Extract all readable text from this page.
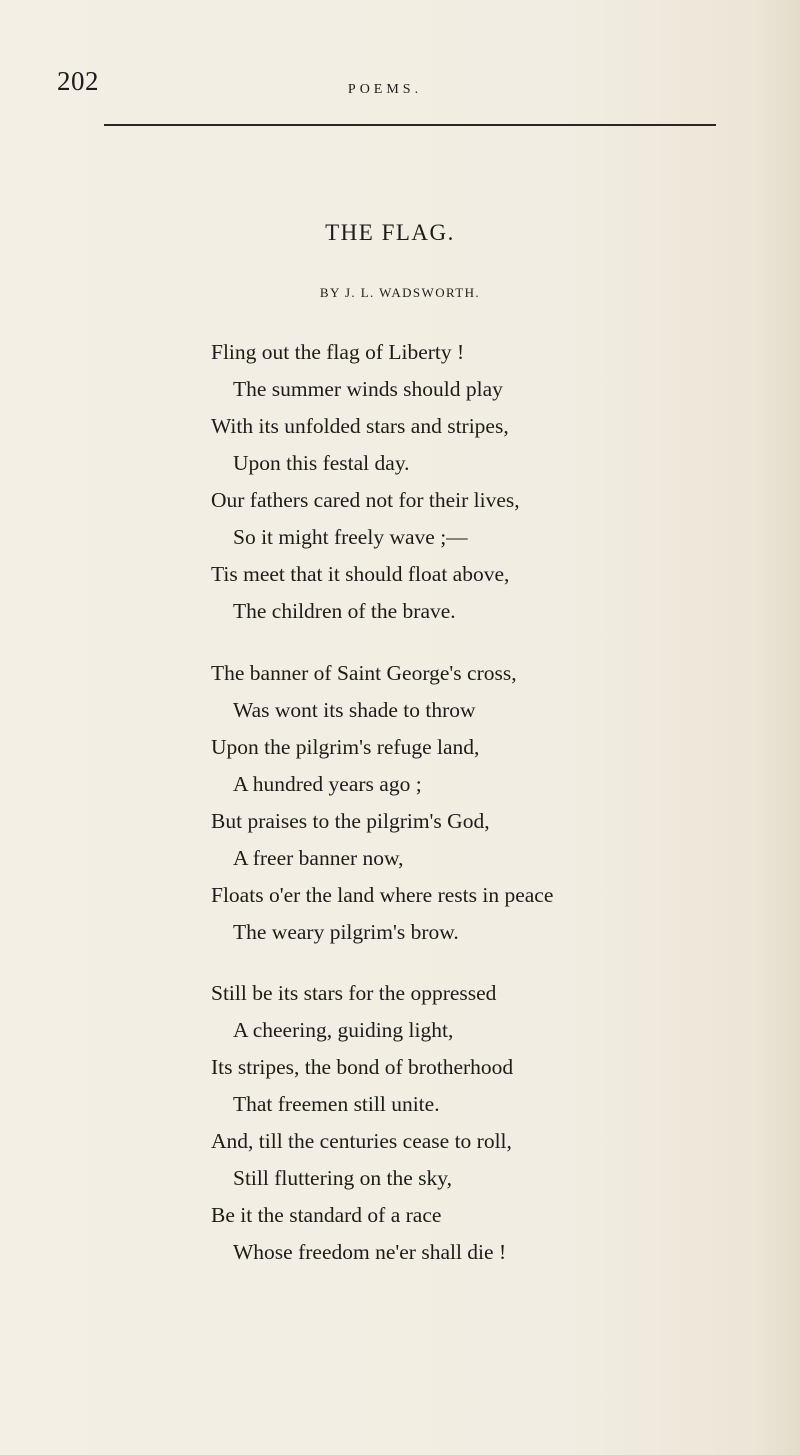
202	POEMS.
THE FLAG.
BY J. L. WADSWORTH.
Fling out the flag of Liberty !
The summer winds should play
With its unfolded stars and stripes,
Upon this festal day.
Our fathers cared not for their lives,
So it might freely wave ;—
Tis meet that it should float above,
The children of the brave.
The banner of Saint George's cross,
Was wont its shade to throw
Upon the pilgrim's refuge land,
A hundred years ago ;
But praises to the pilgrim's God,
A freer banner now,
Floats o'er the land where rests in peace
The weary pilgrim's brow.
Still be its stars for the oppressed
A cheering, guiding light,
Its stripes, the bond of brotherhood
That freemen still unite.
And, till the centuries cease to roll,
Still fluttering on the sky,
Be it the standard of a race
Whose freedom ne'er shall die !
